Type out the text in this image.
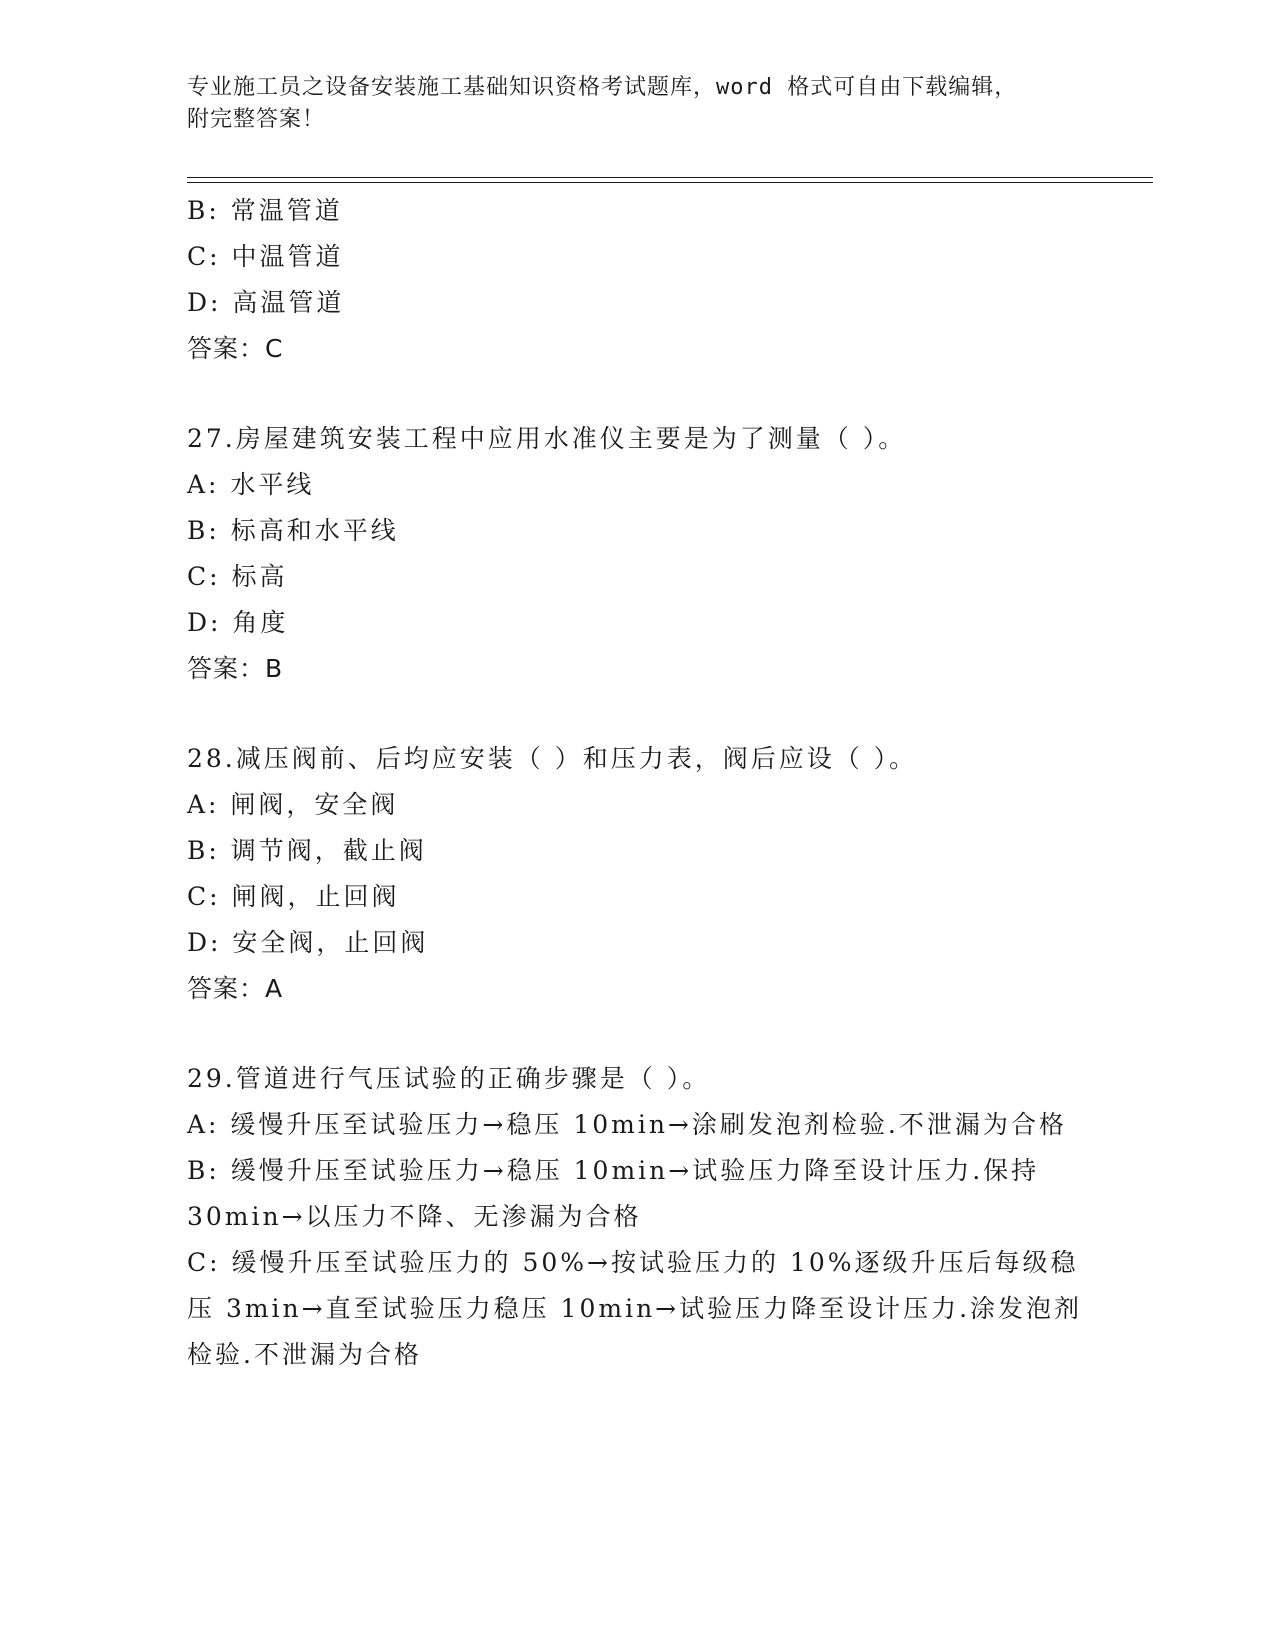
专业施工员之设备安装施工基础知识资格考试题库，word 格式可自由下载编辑，
附完整答案！
B: 常温管道
C: 中温管道
D: 高温管道
答案：C
27.房屋建筑安装工程中应用水准仪主要是为了测量（ ）。
A: 水平线
B: 标高和水平线
C: 标高
D: 角度
答案：B
28.减压阀前、后均应安装（ ）和压力表，阀后应设（ ）。
A: 闸阀，安全阀
B: 调节阀，截止阀
C: 闸阀，止回阀
D: 安全阀，止回阀
答案：A
29.管道进行气压试验的正确步骤是（ ）。
A: 缓慢升压至试验压力→稳压 10min→涂刷发泡剂检验.不泄漏为合格
B: 缓慢升压至试验压力→稳压 10min→试验压力降至设计压力.保持
30min→以压力不降、无渗漏为合格
C: 缓慢升压至试验压力的 50%→按试验压力的 10%逐级升压后每级稳
压 3min→直至试验压力稳压 10min→试验压力降至设计压力.涂发泡剂
检验.不泄漏为合格
